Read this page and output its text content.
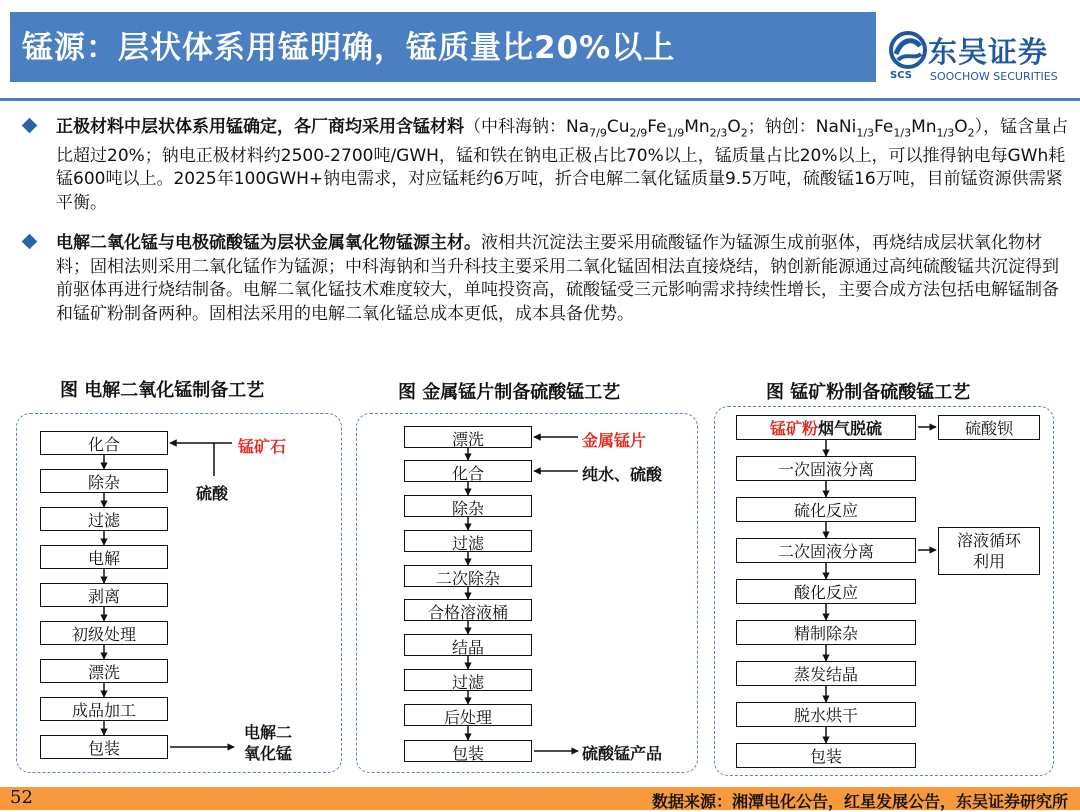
锰源：层状体系用锰明确，锰质量比20%以上	东吴证券
SCS SOOCHOW SECURITIES
正极材料中层状体系用锰确定，各厂商均采用含锰材料（中科海钠：$Na_{7/9}Cu_{2/9}Fe_{1/9}Mn_{2/3}O_2$；钠创：$NaNi_{1/3}Fe_{1/3}Mn_{1/3}O_2$），锰含量占比超过20%；钠电正极材料约2500-2700吨/GWH，锰和铁在钠电正极占比70%以上，锰质量占比20%以上，可以推得钠电每GWh耗锰600吨以上。2025年100GWH+钠电需求，对应锰耗约6万吨，折合电解二氧化锰质量9.5万吨，硫酸锰16万吨，目前锰资源供需紧平衡。
电解二氧化锰与电极硫酸锰为层状金属氧化物锰源主材。液相共沉淀法主要采用硫酸锰作为锰源生成前驱体，再烧结成层状氧化物材料；固相法则采用二氧化锰作为锰源；中科海钠和当升科技主要采用二氧化锰固相法直接烧结，钠创新能源通过高纯硫酸锰共沉淀得到前驱体再进行烧结制备。电解二氧化锰技术难度较大，单吨投资高，硫酸锰受三元影响需求持续性增长，主要合成方法包括电解锰制备和锰矿粉制备两种。固相法采用的电解二氧化锰总成本更低，成本具备优势。
图 电解二氧化锰制备工艺	图 金属锰片制备硫酸锰工艺	图 锰矿粉制备硫酸锰工艺
化合
除杂
过滤
电解
剥离
初级处理
漂洗
成品加工
包装
锰矿石
硫酸
电解二
氧化锰
漂洗
化合
除杂
过滤
二次除杂
合格溶液桶
结晶
过滤
后处理
包装
金属锰片
纯水、硫酸
硫酸锰产品
锰矿粉烟气脱硫
一次固液分离
硫化反应
二次固液分离
酸化反应
精制除杂
蒸发结晶
脱水烘干
包装
硫酸钡
溶液循环
利用
52	数据来源：湘潭电化公告，红星发展公告，东吴证券研究所
